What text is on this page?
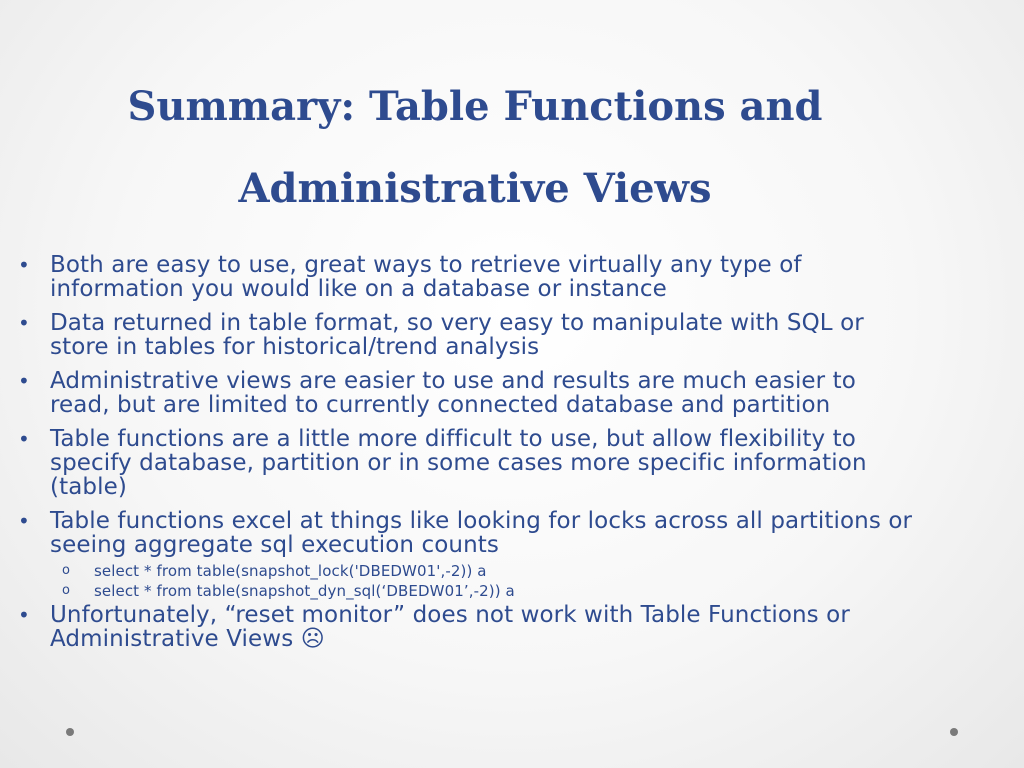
Summary: Table Functions and
Administrative Views
• Both are easy to use, great ways to retrieve virtually any type of information you would like on a database or instance
• Data returned in table format, so very easy to manipulate with SQL or store in tables for historical/trend analysis
• Administrative views are easier to use and results are much easier to read, but are limited to currently connected database and partition
• Table functions are a little more difficult to use, but allow flexibility to specify database, partition or in some cases more specific information (table)
• Table functions excel at things like looking for locks across all partitions or seeing aggregate sql execution counts
o select * from table(snapshot_lock('DBEDW01',-2)) a
o select * from table(snapshot_dyn_sql(‘DBEDW01’,-2)) a
• Unfortunately, “reset monitor” does not work with Table Functions or Administrative Views ☹
